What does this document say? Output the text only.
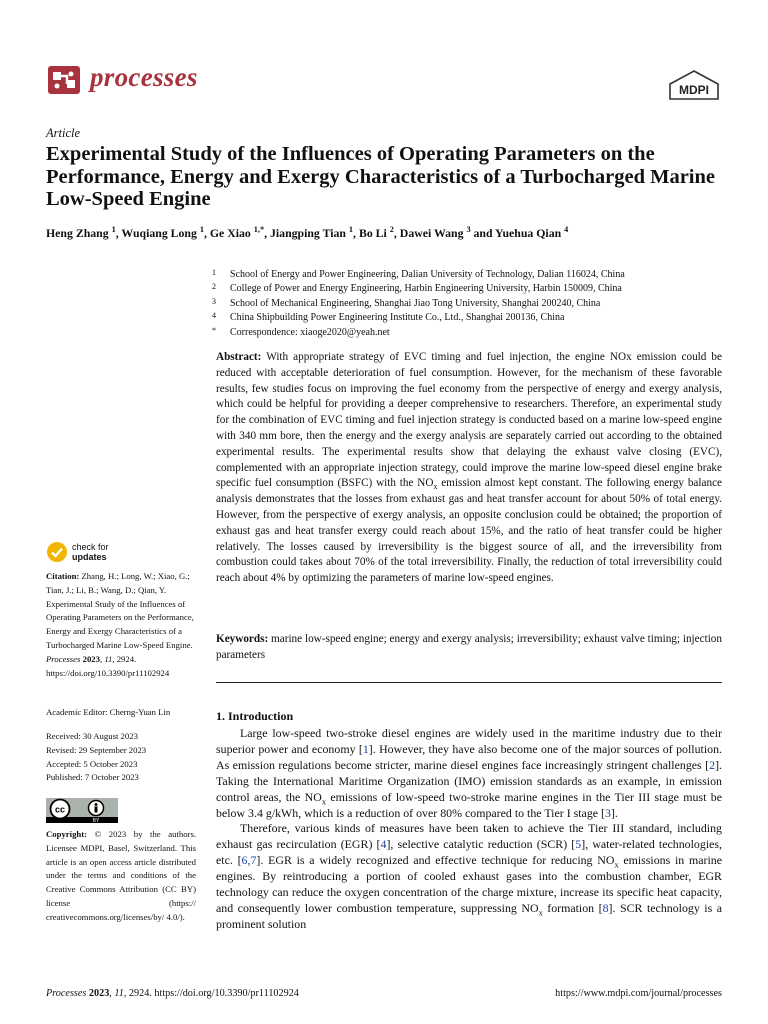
processes	MDPI
Article
Experimental Study of the Influences of Operating Parameters on the Performance, Energy and Exergy Characteristics of a Turbocharged Marine Low-Speed Engine
Heng Zhang $^1$, Wuqiang Long $^1$, Ge Xiao $^{1,*}$, Jiangping Tian $^1$, Bo Li $^2$, Dawei Wang $^3$ and Yuehua Qian $^4$
1	School of Energy and Power Engineering, Dalian University of Technology, Dalian 116024, China
2	College of Power and Energy Engineering, Harbin Engineering University, Harbin 150009, China
3	School of Mechanical Engineering, Shanghai Jiao Tong University, Shanghai 200240, China
4	China Shipbuilding Power Engineering Institute Co., Ltd., Shanghai 200136, China
*	Correspondence: xiaoge2020@yeah.net
Abstract: With appropriate strategy of EVC timing and fuel injection, the engine NOx emission could be reduced with acceptable deterioration of fuel consumption. However, for the mechanism of these favorable results, few studies focus on improving the fuel economy from the perspective of energy and exergy analysis, which could be helpful for providing a deeper comprehensive to researchers. Therefore, an experimental study for the combination of EVC timing and fuel injection strategy is conducted based on a marine low-speed engine with 340 mm bore, then the energy and the exergy analysis are separately carried out according to the obtained experimental results. The experimental results show that delaying the exhaust valve closing (EVC), complemented with an appropriate injection strategy, could improve the marine low-speed diesel engine brake specific fuel consumption (BSFC) with the $NO_x$ emission almost kept constant. The following energy balance analysis demonstrates that the losses from exhaust gas and heat transfer account for about 50% of total energy. However, from the perspective of exergy analysis, an opposite conclusion could be obtained; the proportion of exhaust gas and heat transfer exergy could reach about 15%, and the ratio of heat transfer could be higher relatively. The losses caused by irreversibility is the biggest source of all, and the irreversibility from combustion could takes about 70% of the total irreversibility. Finally, the reduction of total irreversibility could reach about 4% by optimizing the parameters of marine low-speed engines.
Keywords: marine low-speed engine; energy and exergy analysis; irreversibility; exhaust valve timing; injection parameters
1. Introduction

Large low-speed two-stroke diesel engines are widely used in the maritime industry due to their superior power and economy [1]. However, they have also become one of the major sources of pollution. As emission regulations become stricter, marine diesel engines face increasingly stringent challenges [2]. Taking the International Maritime Organization (IMO) emission standards as an example, in emission control areas, the $NO_x$ emissions of low-speed two-stroke marine engines in the Tier III stage must be below 3.4 g/kWh, which is a reduction of over 80% compared to the Tier I stage [3].

Therefore, various kinds of measures have been taken to achieve the Tier III standard, including exhaust gas recirculation (EGR) [4], selective catalytic reduction (SCR) [5], water-related technologies, etc. [6,7]. EGR is a widely recognized and effective technique for reducing $NO_x$ emissions in marine engines. By reintroducing a portion of cooled exhaust gases into the combustion chamber, EGR technology can reduce the oxygen concentration of the charge mixture, increase its specific heat capacity, and consequently lower combustion temperature, suppressing $NO_x$ formation [8]. SCR technology is a prominent solution

check for
updates
Citation: Zhang, H.; Long, W.; Xiao, G.; Tian, J.; Li, B.; Wang, D.; Qian, Y. Experimental Study of the Influences of Operating Parameters on the Performance, Energy and Exergy Characteristics of a Turbocharged Marine Low-Speed Engine. Processes 2023, 11, 2924. https://doi.org/10.3390/pr11102924
Academic Editor: Cherng-Yuan Lin
Received: 30 August 2023
Revised: 29 September 2023
Accepted: 5 October 2023
Published: 7 October 2023
cc
BY
Copyright: © 2023 by the authors. Licensee MDPI, Basel, Switzerland. This article is an open access article distributed under the terms and conditions of the Creative Commons Attribution (CC BY) license (https:// creativecommons.org/licenses/by/ 4.0/).
Processes 2023, 11, 2924. https://doi.org/10.3390/pr11102924	https://www.mdpi.com/journal/processes
